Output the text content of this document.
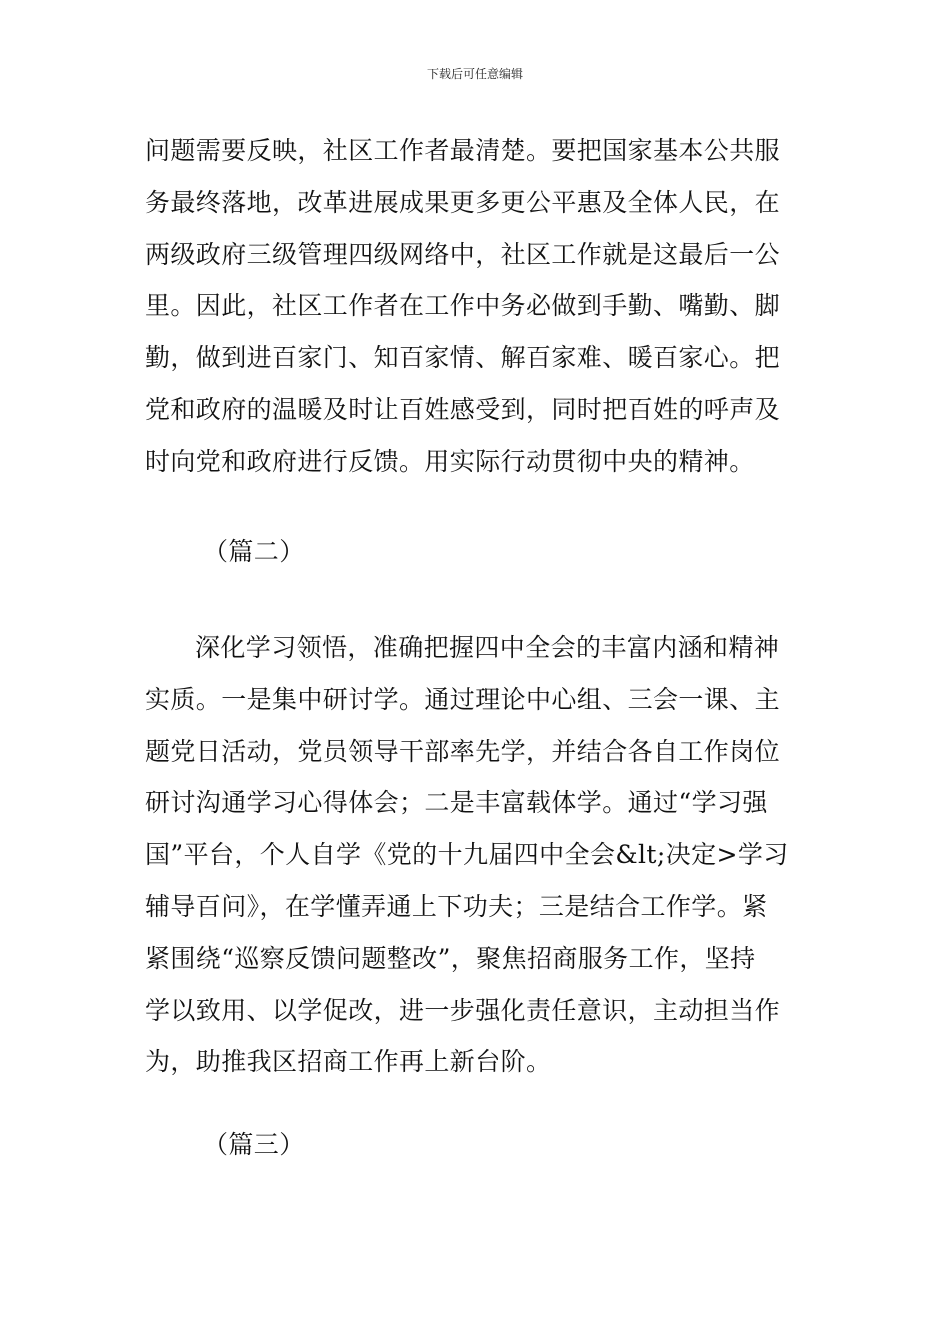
下载后可任意编辑
问题需要反映，社区工作者最清楚。要把国家基本公共服
务最终落地，改革进展成果更多更公平惠及全体人民，在
两级政府三级管理四级网络中，社区工作就是这最后一公
里。因此，社区工作者在工作中务必做到手勤、嘴勤、脚
勤，做到进百家门、知百家情、解百家难、暖百家心。把
党和政府的温暖及时让百姓感受到，同时把百姓的呼声及
时向党和政府进行反馈。用实际行动贯彻中央的精神。
（篇二）
深化学习领悟，准确把握四中全会的丰富内涵和精神
实质。一是集中研讨学。通过理论中心组、三会一课、主
题党日活动，党员领导干部率先学，并结合各自工作岗位
研讨沟通学习心得体会；二是丰富载体学。通过“学习强
国”平台，个人自学《党的十九届四中全会&lt;决定>学习
辅导百问》，在学懂弄通上下功夫；三是结合工作学。紧
紧围绕“巡察反馈问题整改”，聚焦招商服务工作，坚持
学以致用、以学促改，进一步强化责任意识，主动担当作
为，助推我区招商工作再上新台阶。
（篇三）
